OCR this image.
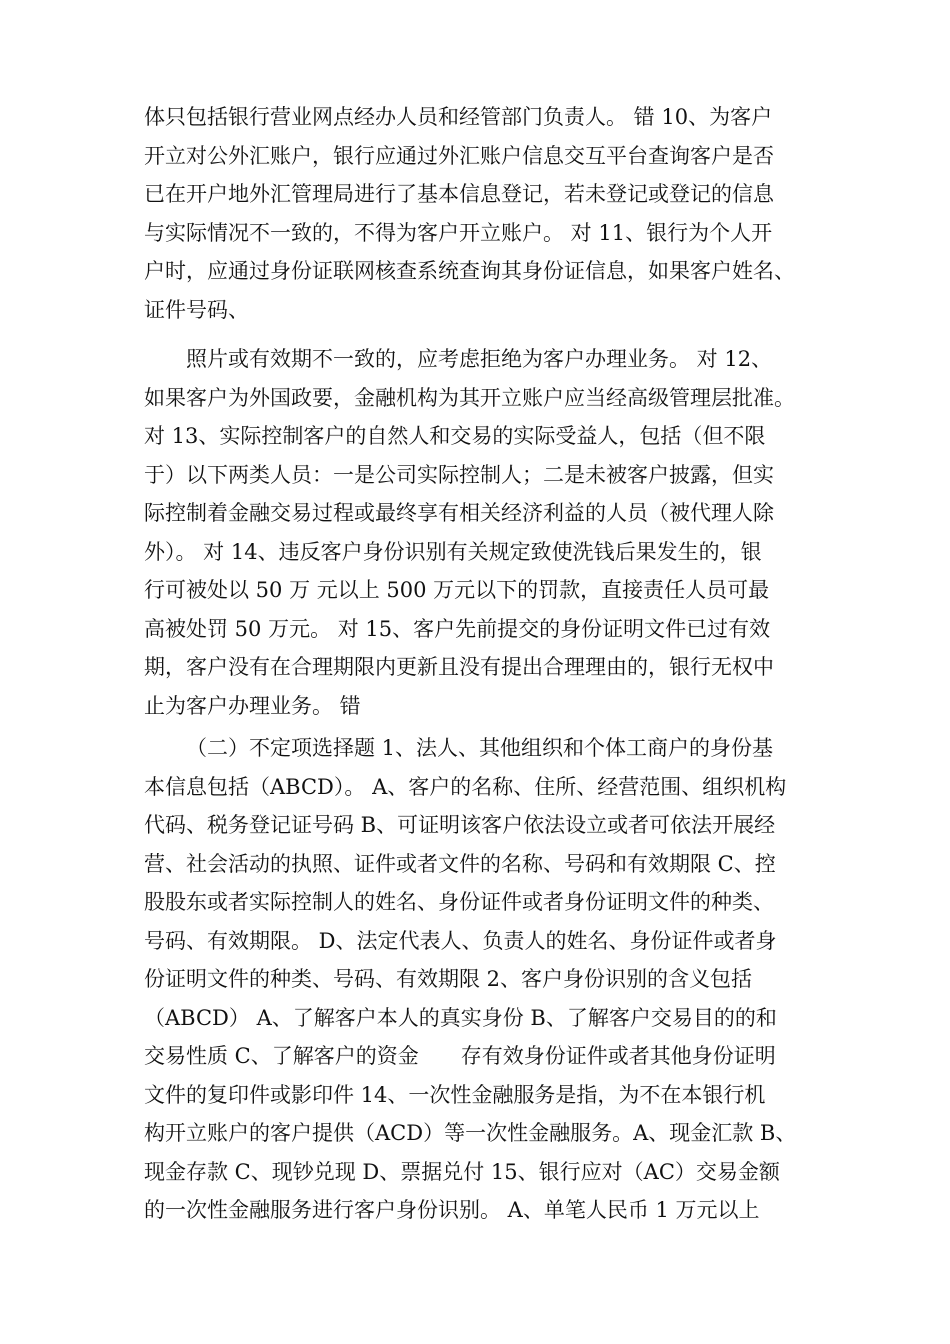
体只包括银行营业网点经办人员和经管部门负责人。 错 10、为客户
开立对公外汇账户，银行应通过外汇账户信息交互平台查询客户是否
已在开户地外汇管理局进行了基本信息登记，若未登记或登记的信息
与实际情况不一致的，不得为客户开立账户。 对 11、银行为个人开
户时，应通过身份证联网核查系统查询其身份证信息，如果客户姓名、
证件号码、
照片或有效期不一致的，应考虑拒绝为客户办理业务。 对 12、
如果客户为外国政要，金融机构为其开立账户应当经高级管理层批准。
对 13、实际控制客户的自然人和交易的实际受益人，包括（但不限
于）以下两类人员：一是公司实际控制人；二是未被客户披露，但实
际控制着金融交易过程或最终享有相关经济利益的人员（被代理人除
外）。 对 14、违反客户身份识别有关规定致使洗钱后果发生的，银
行可被处以 50 万 元以上 500 万元以下的罚款，直接责任人员可最
高被处罚 50 万元。 对 15、客户先前提交的身份证明文件已过有效
期，客户没有在合理期限内更新且没有提出合理理由的，银行无权中
止为客户办理业务。 错
（二）不定项选择题 1、法人、其他组织和个体工商户的身份基
本信息包括（ABCD）。 A、客户的名称、住所、经营范围、组织机构
代码、税务登记证号码 B、可证明该客户依法设立或者可依法开展经
营、社会活动的执照、证件或者文件的名称、号码和有效期限 C、控
股股东或者实际控制人的姓名、身份证件或者身份证明文件的种类、
号码、有效期限。 D、法定代表人、负责人的姓名、身份证件或者身
份证明文件的种类、号码、有效期限 2、客户身份识别的含义包括
（ABCD） A、了解客户本人的真实身份 B、了解客户交易目的的和
交易性质 C、了解客户的资金　　存有效身份证件或者其他身份证明
文件的复印件或影印件 14、一次性金融服务是指，为不在本银行机
构开立账户的客户提供（ACD）等一次性金融服务。A、现金汇款 B、
现金存款 C、现钞兑现 D、票据兑付 15、银行应对（AC）交易金额
的一次性金融服务进行客户身份识别。 A、单笔人民币 1 万元以上
